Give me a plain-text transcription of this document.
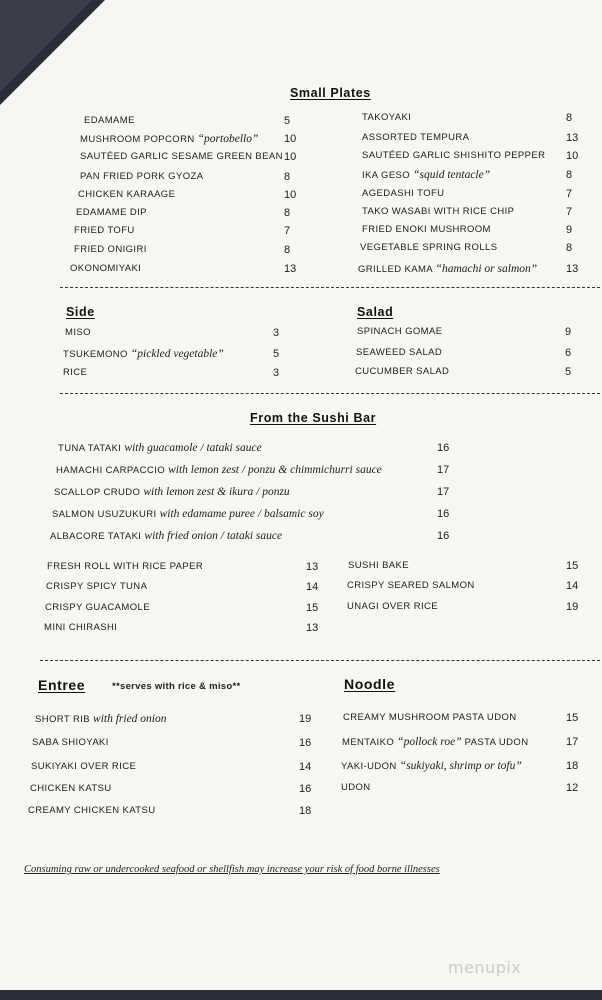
Small Plates
Side	Salad
From the Sushi Bar
Entree	**serves with rice & miso**	Noodle
Consuming raw or undercooked seafood or shellfish may increase your risk of food borne illnesses
menupix
EDAMAME	5
MUSHROOM POPCORN “portobello” 10
SAUTÉED GARLIC SESAME GREEN BEAN 10
PAN FRIED PORK GYOZA	8
CHICKEN KARAAGE	10
EDAMAME DIP	8
FRIED TOFU	7
FRIED ONIGIRI	8
OKONOMIYAKI	13
TAKOYAKI	8
ASSORTED TEMPURA	13
SAUTÉED GARLIC SHISHITO PEPPER 10
IKA GESO “squid tentacle”	8
AGEDASHI TOFU	7
TAKO WASABI WITH RICE CHIP	7
FRIED ENOKI MUSHROOM	9
VEGETABLE SPRING ROLLS	8
GRILLED KAMA “hamachi or salmon”	13
MISO	3
TSUKEMONO “pickled vegetable”	5
RICE	3
SPINACH GOMAE	9
SEAWEED SALAD	6
CUCUMBER SALAD	5
TUNA TATAKI with guacamole / tataki sauce	16
HAMACHI CARPACCIO with lemon zest / ponzu & chimmichurri sauce	17
SCALLOP CRUDO with lemon zest & ikura / ponzu	17
SALMON USUZUKURI with edamame puree / balsamic soy	16
ALBACORE TATAKI with fried onion / tataki sauce	16
FRESH ROLL WITH RICE PAPER	13
CRISPY SPICY TUNA	14
CRISPY GUACAMOLE	15
MINI CHIRASHI	13
SUSHI BAKE	15
CRISPY SEARED SALMON	14
UNAGI OVER RICE	19
SHORT RIB with fried onion	19
SABA SHIOYAKI	16
SUKIYAKI OVER RICE	14
CHICKEN KATSU	16
CREAMY CHICKEN KATSU	18
CREAMY MUSHROOM PASTA UDON	15
MENTAIKO “pollock roe” PASTA UDON	17
YAKI-UDON “sukiyaki, shrimp or tofu”	18
UDON	12
